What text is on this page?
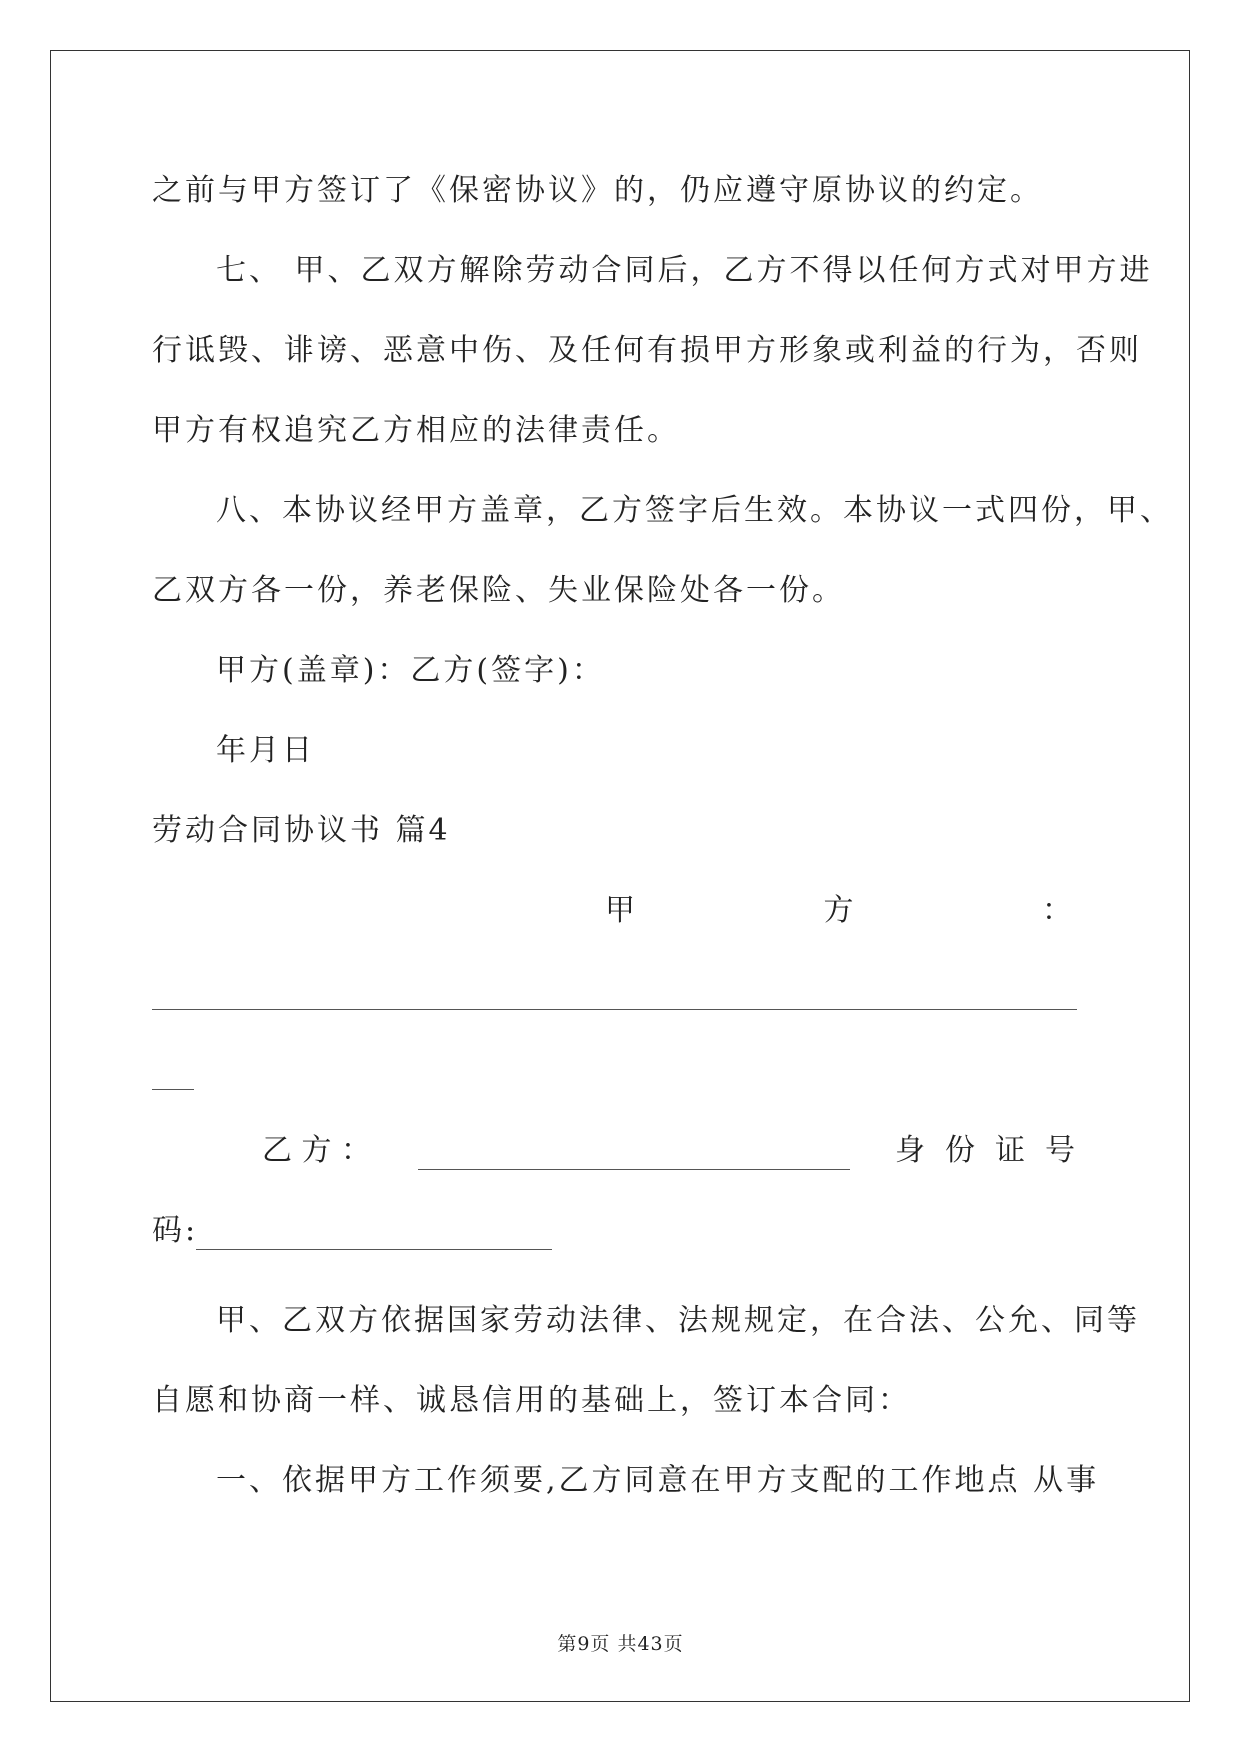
之前与甲方签订了《保密协议》的，仍应遵守原协议的约定。
七、 甲、乙双方解除劳动合同后，乙方不得以任何方式对甲方进
行诋毁、诽谤、恶意中伤、及任何有损甲方形象或利益的行为，否则
甲方有权追究乙方相应的法律责任。
八、本协议经甲方盖章，乙方签字后生效。本协议一式四份，甲、
乙双方各一份，养老保险、失业保险处各一份。
甲方(盖章)：乙方(签字)：
年月日
劳动合同协议书 篇4
甲	方	：
乙 方 ：	身 份 证 号
码:
甲、乙双方依据国家劳动法律、法规规定，在合法、公允、同等
自愿和协商一样、诚恳信用的基础上，签订本合同：
一、依据甲方工作须要,乙方同意在甲方支配的工作地点 从事
第9页 共43页
